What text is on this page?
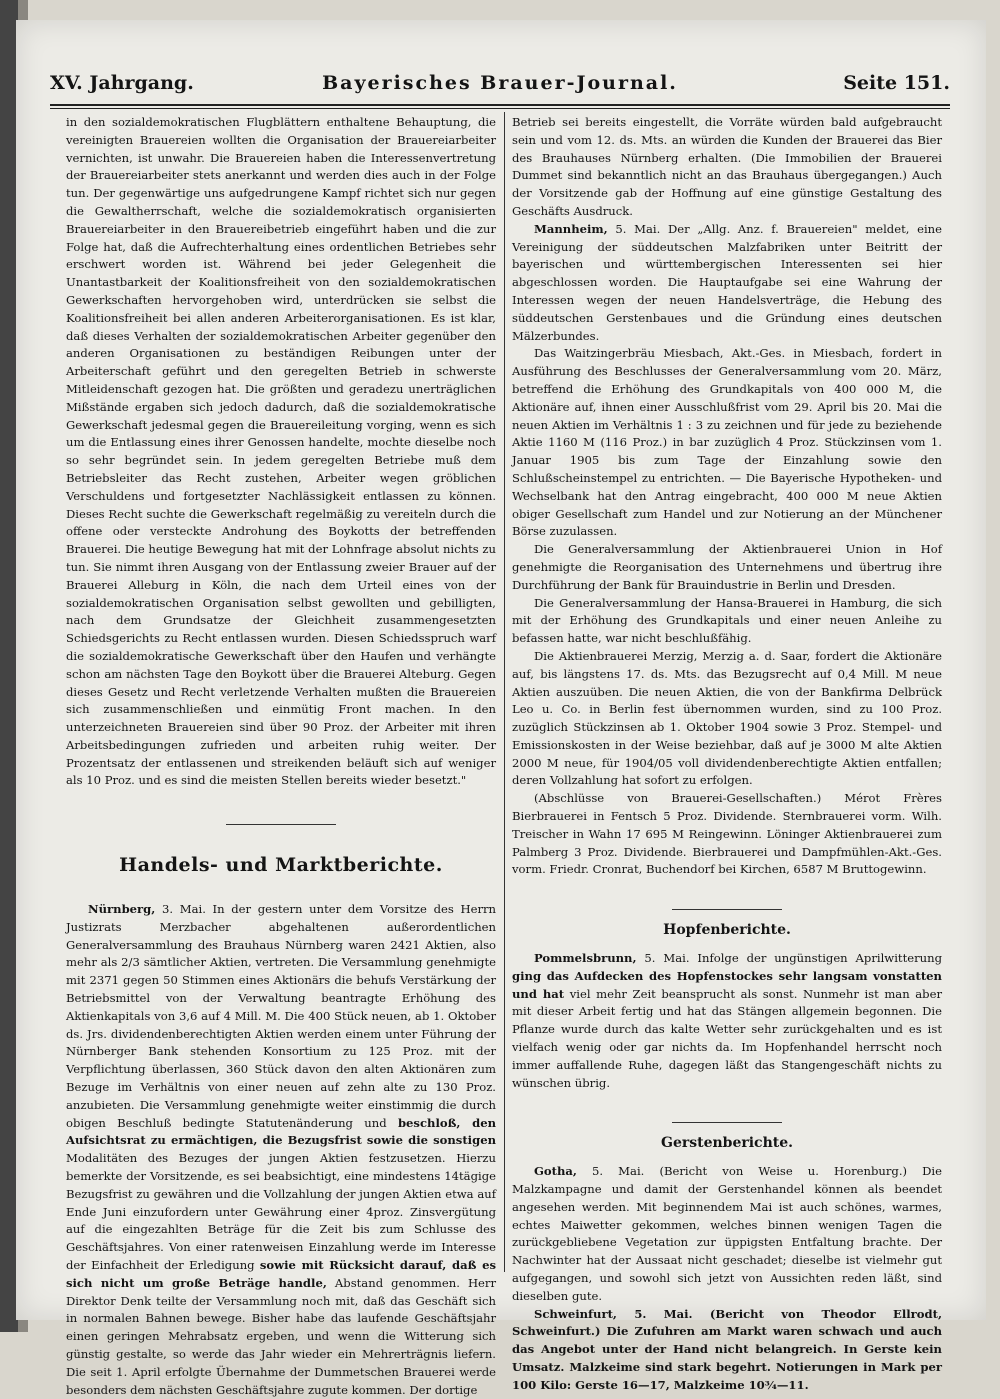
XV. Jahrgang.	Bayerisches Brauer-Journal.	Seite 151.

in den sozialdemokratischen Flugblättern enthaltene Behauptung, die vereinigten Brauereien wollten die Organisation der Brauereiarbeiter vernichten, ist unwahr. Die Brauereien haben die Interessenvertretung der Brauereiarbeiter stets anerkannt und werden dies auch in der Folge tun. Der gegenwärtige uns aufgedrungene Kampf richtet sich nur gegen die Gewaltherrschaft, welche die sozialdemokratisch organisierten Brauereiarbeiter in den Brauereibetrieb eingeführt haben und die zur Folge hat, daß die Aufrechterhaltung eines ordentlichen Betriebes sehr erschwert worden ist. Während bei jeder Gelegenheit die Unantastbarkeit der Koalitionsfreiheit von den sozialdemokratischen Gewerkschaften hervorgehoben wird, unterdrücken sie selbst die Koalitionsfreiheit bei allen anderen Arbeiterorganisationen. Es ist klar, daß dieses Verhalten der sozialdemokratischen Arbeiter gegenüber den anderen Organisationen zu beständigen Reibungen unter der Arbeiterschaft geführt und den geregelten Betrieb in schwerste Mitleidenschaft gezogen hat. Die größten und geradezu unerträglichen Mißstände ergaben sich jedoch dadurch, daß die sozialdemokratische Gewerkschaft jedesmal gegen die Brauereileitung vorging, wenn es sich um die Entlassung eines ihrer Genossen handelte, mochte dieselbe noch so sehr begründet sein. In jedem geregelten Betriebe muß dem Betriebsleiter das Recht zustehen, Arbeiter wegen gröblichen Verschuldens und fortgesetzter Nachlässigkeit entlassen zu können. Dieses Recht suchte die Gewerkschaft regelmäßig zu vereiteln durch die offene oder versteckte Androhung des Boykotts der betreffenden Brauerei. Die heutige Bewegung hat mit der Lohnfrage absolut nichts zu tun. Sie nimmt ihren Ausgang von der Entlassung zweier Brauer auf der Brauerei Alleburg in Köln, die nach dem Urteil eines von der sozialdemokratischen Organisation selbst gewollten und gebilligten, nach dem Grundsatze der Gleichheit zusammengesetzten Schiedsgerichts zu Recht entlassen wurden. Diesen Schiedsspruch warf die sozialdemokratische Gewerkschaft über den Haufen und verhängte schon am nächsten Tage den Boykott über die Brauerei Alteburg. Gegen dieses Gesetz und Recht verletzende Verhalten mußten die Brauereien sich zusammenschließen und einmütig Front machen. In den unterzeichneten Brauereien sind über 90 Proz. der Arbeiter mit ihren Arbeitsbedingungen zufrieden und arbeiten ruhig weiter. Der Prozentsatz der entlassenen und streikenden beläuft sich auf weniger als 10 Proz. und es sind die meisten Stellen bereits wieder besetzt."

Handels- und Marktberichte.

Nürnberg, 3. Mai. In der gestern unter dem Vorsitze des Herrn Justizrats Merzbacher abgehaltenen außerordentlichen Generalversammlung des Brauhaus Nürnberg waren 2421 Aktien, also mehr als 2/3 sämtlicher Aktien, vertreten. Die Versammlung genehmigte mit 2371 gegen 50 Stimmen eines Aktionärs die behufs Verstärkung der Betriebsmittel von der Verwaltung beantragte Erhöhung des Aktienkapitals von 3,6 auf 4 Mill. M. Die 400 Stück neuen, ab 1. Oktober ds. Jrs. dividendenberechtigten Aktien werden einem unter Führung der Nürnberger Bank stehenden Konsortium zu 125 Proz. mit der Verpflichtung überlassen, 360 Stück davon den alten Aktionären zum Bezuge im Verhältnis von einer neuen auf zehn alte zu 130 Proz. anzubieten. Die Versammlung genehmigte weiter einstimmig die durch obigen Beschluß bedingte Statutenänderung und beschloß, den Aufsichtsrat zu ermächtigen, die Bezugsfrist sowie die sonstigen Modalitäten des Bezuges der jungen Aktien festzusetzen. Hierzu bemerkte der Vorsitzende, es sei beabsichtigt, eine mindestens 14tägige Bezugsfrist zu gewähren und die Vollzahlung der jungen Aktien etwa auf Ende Juni einzufordern unter Gewährung einer 4proz. Zinsvergütung auf die eingezahlten Beträge für die Zeit bis zum Schlusse des Geschäftsjahres. Von einer ratenweisen Einzahlung werde im Interesse der Einfachheit der Erledigung sowie mit Rücksicht darauf, daß es sich nicht um große Beträge handle, Abstand genommen. Herr Direktor Denk teilte der Versammlung noch mit, daß das Geschäft sich in normalen Bahnen bewege. Bisher habe das laufende Geschäftsjahr einen geringen Mehrabsatz ergeben, und wenn die Witterung sich günstig gestalte, so werde das Jahr wieder ein Mehrerträgnis liefern. Die seit 1. April erfolgte Übernahme der Dummetschen Brauerei werde besonders dem nächsten Geschäftsjahre zugute kommen. Der dortige

Betrieb sei bereits eingestellt, die Vorräte würden bald aufgebraucht sein und vom 12. ds. Mts. an würden die Kunden der Brauerei das Bier des Brauhauses Nürnberg erhalten. (Die Immobilien der Brauerei Dummet sind bekanntlich nicht an das Brauhaus übergegangen.) Auch der Vorsitzende gab der Hoffnung auf eine günstige Gestaltung des Geschäfts Ausdruck.

Mannheim, 5. Mai. Der „Allg. Anz. f. Brauereien" meldet, eine Vereinigung der süddeutschen Malzfabriken unter Beitritt der bayerischen und württembergischen Interessenten sei hier abgeschlossen worden. Die Hauptaufgabe sei eine Wahrung der Interessen wegen der neuen Handelsverträge, die Hebung des süddeutschen Gerstenbaues und die Gründung eines deutschen Mälzerbundes.

Das Waitzingerbräu Miesbach, Akt.-Ges. in Miesbach, fordert in Ausführung des Beschlusses der Generalversammlung vom 20. März, betreffend die Erhöhung des Grundkapitals von 400 000 M, die Aktionäre auf, ihnen einer Ausschlußfrist vom 29. April bis 20. Mai die neuen Aktien im Verhältnis 1 : 3 zu zeichnen und für jede zu beziehende Aktie 1160 M (116 Proz.) in bar zuzüglich 4 Proz. Stückzinsen vom 1. Januar 1905 bis zum Tage der Einzahlung sowie den Schlußscheinstempel zu entrichten. — Die Bayerische Hypotheken- und Wechselbank hat den Antrag eingebracht, 400 000 M neue Aktien obiger Gesellschaft zum Handel und zur Notierung an der Münchener Börse zuzulassen.

Die Generalversammlung der Aktienbrauerei Union in Hof genehmigte die Reorganisation des Unternehmens und übertrug ihre Durchführung der Bank für Brauindustrie in Berlin und Dresden.

Die Generalversammlung der Hansa-Brauerei in Hamburg, die sich mit der Erhöhung des Grundkapitals und einer neuen Anleihe zu befassen hatte, war nicht beschlußfähig.

Die Aktienbrauerei Merzig, Merzig a. d. Saar, fordert die Aktionäre auf, bis längstens 17. ds. Mts. das Bezugsrecht auf 0,4 Mill. M neue Aktien auszuüben. Die neuen Aktien, die von der Bankfirma Delbrück Leo u. Co. in Berlin fest übernommen wurden, sind zu 100 Proz. zuzüglich Stückzinsen ab 1. Oktober 1904 sowie 3 Proz. Stempel- und Emissionskosten in der Weise beziehbar, daß auf je 3000 M alte Aktien 2000 M neue, für 1904/05 voll dividendenberechtigte Aktien entfallen; deren Vollzahlung hat sofort zu erfolgen.

(Abschlüsse von Brauerei-Gesellschaften.) Mérot Frères Bierbrauerei in Fentsch 5 Proz. Dividende. Sternbrauerei vorm. Wilh. Treischer in Wahn 17 695 M Reingewinn. Löninger Aktienbrauerei zum Palmberg 3 Proz. Dividende. Bierbrauerei und Dampfmühlen-Akt.-Ges. vorm. Friedr. Cronrat, Buchendorf bei Kirchen, 6587 M Bruttogewinn.

Hopfenberichte.

Pommelsbrunn, 5. Mai. Infolge der ungünstigen Aprilwitterung ging das Aufdecken des Hopfenstockes sehr langsam vonstatten und hat viel mehr Zeit beansprucht als sonst. Nunmehr ist man aber mit dieser Arbeit fertig und hat das Stängen allgemein begonnen. Die Pflanze wurde durch das kalte Wetter sehr zurückgehalten und es ist vielfach wenig oder gar nichts da. Im Hopfenhandel herrscht noch immer auffallende Ruhe, dagegen läßt das Stangengeschäft nichts zu wünschen übrig.

Gerstenberichte.

Gotha, 5. Mai. (Bericht von Weise u. Horenburg.) Die Malzkampagne und damit der Gerstenhandel können als beendet angesehen werden. Mit beginnendem Mai ist auch schönes, warmes, echtes Maiwetter gekommen, welches binnen wenigen Tagen die zurückgebliebene Vegetation zur üppigsten Entfaltung brachte. Der Nachwinter hat der Aussaat nicht geschadet; dieselbe ist vielmehr gut aufgegangen, und sowohl sich jetzt von Aussichten reden läßt, sind dieselben gute.

Schweinfurt, 5. Mai. (Bericht von Theodor Ellrodt, Schweinfurt.) Die Zufuhren am Markt waren schwach und auch das Angebot unter der Hand nicht belangreich. In Gerste kein Umsatz. Malzkeime sind stark begehrt. Notierungen in Mark per 100 Kilo: Gerste 16—17, Malzkeime 10¾—11.
